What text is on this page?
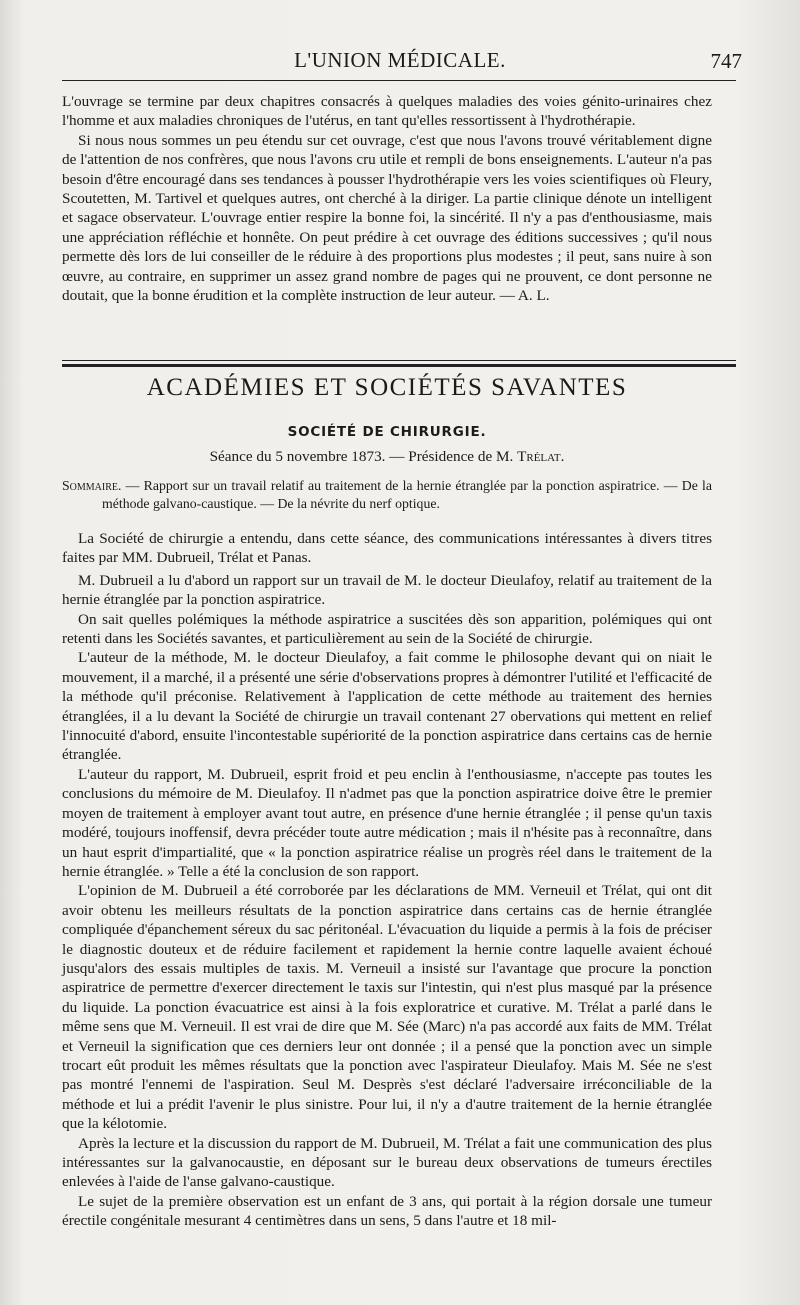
L'UNION MÉDICALE.	747

L'ouvrage se termine par deux chapitres consacrés à quelques maladies des voies génito-urinaires chez l'homme et aux maladies chroniques de l'utérus, en tant qu'elles ressortissent à l'hydrothérapie.

Si nous nous sommes un peu étendu sur cet ouvrage, c'est que nous l'avons trouvé véritablement digne de l'attention de nos confrères, que nous l'avons cru utile et rempli de bons enseignements. L'auteur n'a pas besoin d'être encouragé dans ses tendances à pousser l'hydrothérapie vers les voies scientifiques où Fleury, Scoutetten, M. Tartivel et quelques autres, ont cherché à la diriger. La partie clinique dénote un intelligent et sagace observateur. L'ouvrage entier respire la bonne foi, la sincérité. Il n'y a pas d'enthousiasme, mais une appréciation réfléchie et honnête. On peut prédire à cet ouvrage des éditions successives ; qu'il nous permette dès lors de lui conseiller de le réduire à des proportions plus modestes ; il peut, sans nuire à son œuvre, au contraire, en supprimer un assez grand nombre de pages qui ne prouvent, ce dont personne ne doutait, que la bonne érudition et la complète instruction de leur auteur. — A. L.

ACADÉMIES ET SOCIÉTÉS SAVANTES
SOCIÉTÉ DE CHIRURGIE.
Séance du 5 novembre 1873. — Présidence de M. Trélat.
Sommaire. — Rapport sur un travail relatif au traitement de la hernie étranglée par la ponction aspiratrice. — De la méthode galvano-caustique. — De la névrite du nerf optique.

La Société de chirurgie a entendu, dans cette séance, des communications intéressantes à divers titres faites par MM. Dubrueil, Trélat et Panas.

M. Dubrueil a lu d'abord un rapport sur un travail de M. le docteur Dieulafoy, relatif au traitement de la hernie étranglée par la ponction aspiratrice.

On sait quelles polémiques la méthode aspiratrice a suscitées dès son apparition, polémiques qui ont retenti dans les Sociétés savantes, et particulièrement au sein de la Société de chirurgie.

L'auteur de la méthode, M. le docteur Dieulafoy, a fait comme le philosophe devant qui on niait le mouvement, il a marché, il a présenté une série d'observations propres à démontrer l'utilité et l'efficacité de la méthode qu'il préconise. Relativement à l'application de cette méthode au traitement des hernies étranglées, il a lu devant la Société de chirurgie un travail contenant 27 obervations qui mettent en relief l'innocuité d'abord, ensuite l'incontestable supériorité de la ponction aspiratrice dans certains cas de hernie étranglée.

L'auteur du rapport, M. Dubrueil, esprit froid et peu enclin à l'enthousiasme, n'accepte pas toutes les conclusions du mémoire de M. Dieulafoy. Il n'admet pas que la ponction aspiratrice doive être le premier moyen de traitement à employer avant tout autre, en présence d'une hernie étranglée ; il pense qu'un taxis modéré, toujours inoffensif, devra précéder toute autre médication ; mais il n'hésite pas à reconnaître, dans un haut esprit d'impartialité, que « la ponction aspiratrice réalise un progrès réel dans le traitement de la hernie étranglée. » Telle a été la conclusion de son rapport.

L'opinion de M. Dubrueil a été corroborée par les déclarations de MM. Verneuil et Trélat, qui ont dit avoir obtenu les meilleurs résultats de la ponction aspiratrice dans certains cas de hernie étranglée compliquée d'épanchement séreux du sac péritonéal. L'évacuation du liquide a permis à la fois de préciser le diagnostic douteux et de réduire facilement et rapidement la hernie contre laquelle avaient échoué jusqu'alors des essais multiples de taxis. M. Verneuil a insisté sur l'avantage que procure la ponction aspiratrice de permettre d'exercer directement le taxis sur l'intestin, qui n'est plus masqué par la présence du liquide. La ponction évacuatrice est ainsi à la fois exploratrice et curative. M. Trélat a parlé dans le même sens que M. Verneuil. Il est vrai de dire que M. Sée (Marc) n'a pas accordé aux faits de MM. Trélat et Verneuil la signification que ces derniers leur ont donnée ; il a pensé que la ponction avec un simple trocart eût produit les mêmes résultats que la ponction avec l'aspirateur Dieulafoy. Mais M. Sée ne s'est pas montré l'ennemi de l'aspiration. Seul M. Desprès s'est déclaré l'adversaire irréconciliable de la méthode et lui a prédit l'avenir le plus sinistre. Pour lui, il n'y a d'autre traitement de la hernie étranglée que la kélotomie.

Après la lecture et la discussion du rapport de M. Dubrueil, M. Trélat a fait une communication des plus intéressantes sur la galvanocaustie, en déposant sur le bureau deux observations de tumeurs érectiles enlevées à l'aide de l'anse galvano-caustique.

Le sujet de la première observation est un enfant de 3 ans, qui portait à la région dorsale une tumeur érectile congénitale mesurant 4 centimètres dans un sens, 5 dans l'autre et 18 mil-
